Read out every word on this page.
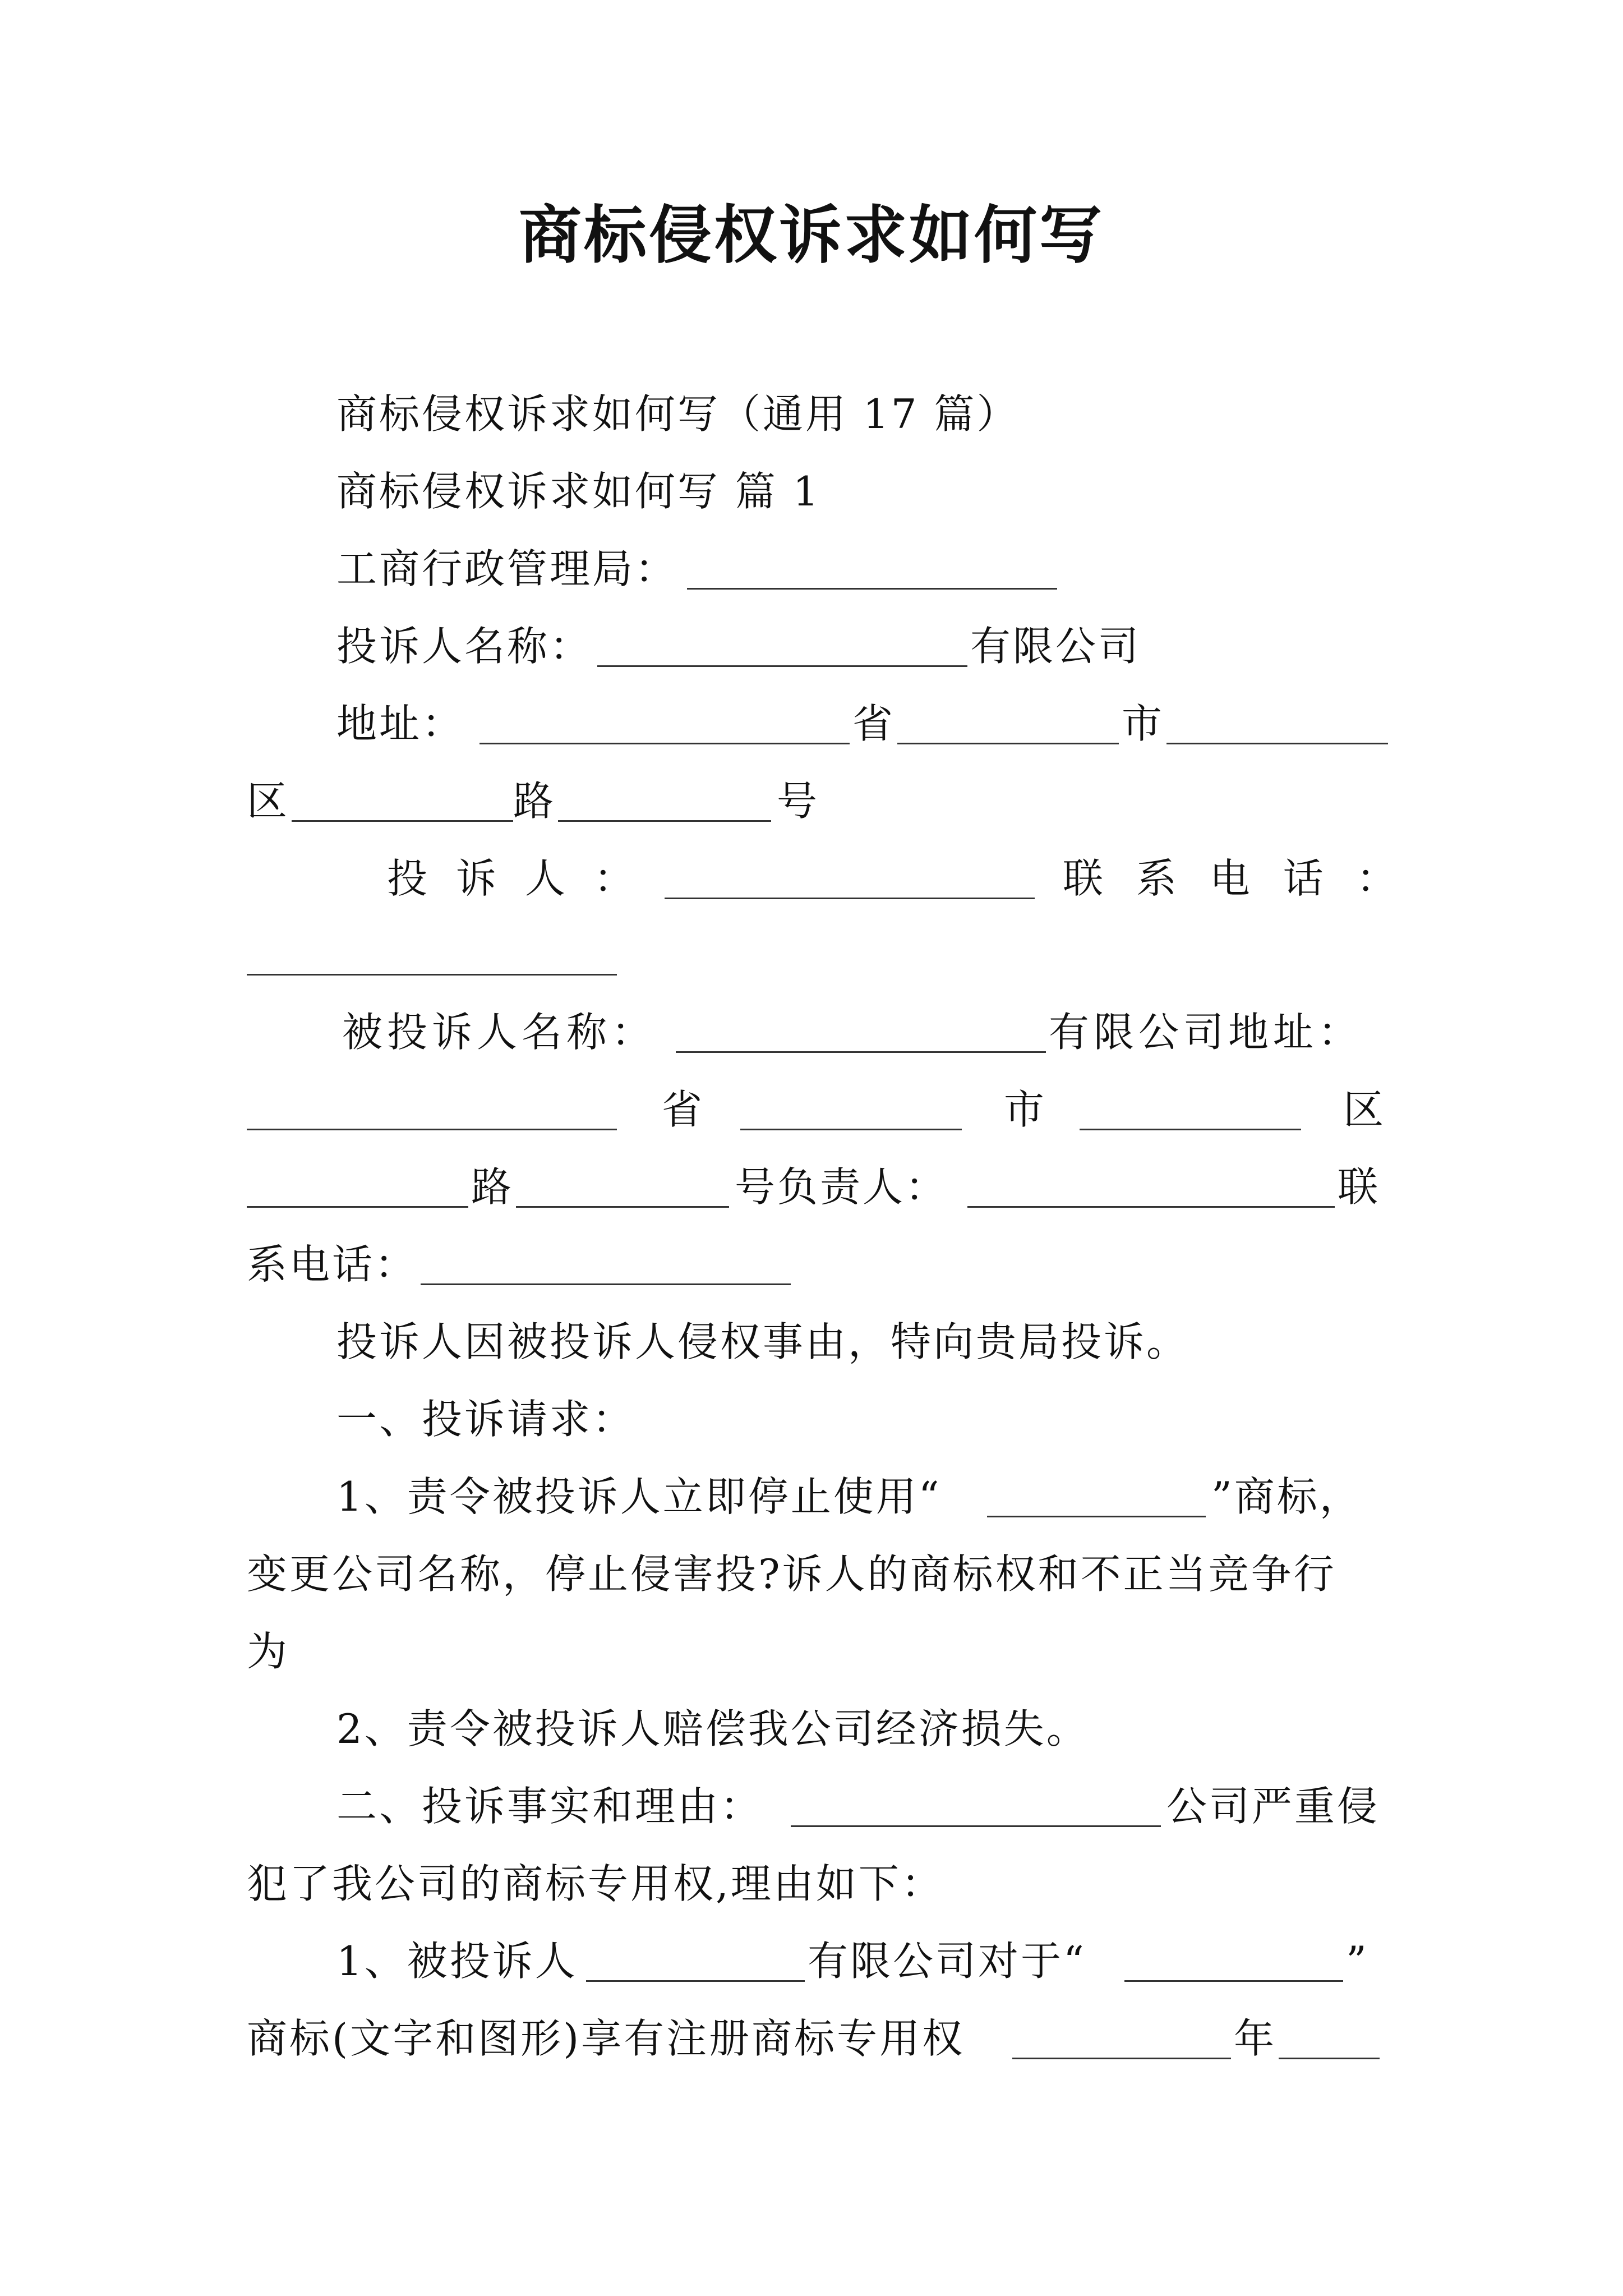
商标侵权诉求如何写
商标侵权诉求如何写（通用 17 篇）
商标侵权诉求如何写 篇 1
工商行政管理局：
投诉人名称：	有限公司
地址：	省	市
区	路	号
投 诉 人 ：	联 系 电 话 ：
被投诉人名称：	有限公司地址：
省	市	区
路	号负责人：	联
系电话：
投诉人因被投诉人侵权事由，特向贵局投诉。
一、投诉请求：
1、责令被投诉人立即停止使用“	”商标，
变更公司名称，停止侵害投?诉人的商标权和不正当竞争行
为
2、责令被投诉人赔偿我公司经济损失。
二、投诉事实和理由：	公司严重侵
犯了我公司的商标专用权,理由如下：
1、被投诉人	有限公司对于“	”
商标(文字和图形)享有注册商标专用权	年
